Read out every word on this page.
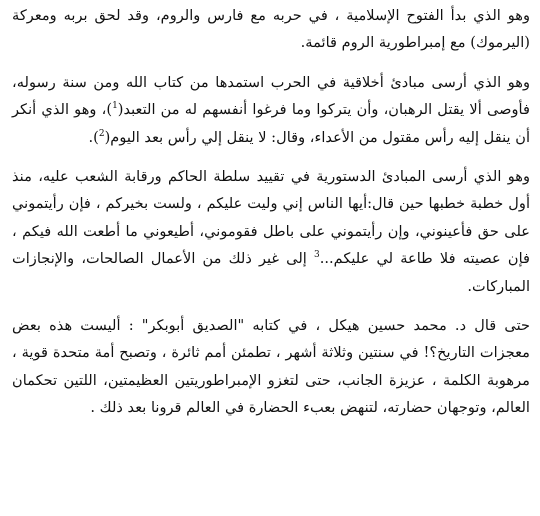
وهو الذي بدأ الفتوح الإسلامية ، في حربه مع فارس والروم، وقد لحق بربه ومعركة (اليرموك) مع إمبراطورية الروم قائمة.

وهو الذي أرسى مبادئ أخلاقية في الحرب استمدها من كتاب الله ومن سنة رسوله، فأوصى ألا يقتل الرهبان، وأن يتركوا وما فرغوا أنفسهم له من التعبد($^1$)، وهو الذي أنكر أن ينقل إليه رأس مقتول من الأعداء، وقال: لا ينقل إلي رأس بعد اليوم($^2$).

وهو الذي أرسى المبادئ الدستورية في تقييد سلطة الحاكم ورقابة الشعب عليه، منذ أول خطبة خطبها حين قال:أيها الناس إني وليت عليكم ، ولست بخيركم ، فإن رأيتموني على حق فأعينوني، وإن رأيتموني على باطل فقوموني، أطيعوني ما أطعت الله فيكم ، فإن عصيته فلا طاعة لي عليكم...$^3$ إلى غير ذلك من الأعمال الصالحات، والإنجازات المباركات.

حتى قال د. محمد حسين هيكل ، في كتابه "الصديق أبوبكر" : أليست هذه بعض معجزات التاريخ؟! في سنتين وثلاثة أشهر ، تطمئن أمم ثائرة ، وتصبح أمة متحدة قوية ، مرهوبة الكلمة ، عزيزة الجانب، حتى لتغزو الإمبراطوريتين العظيمتين، اللتين تحكمان العالم، وتوجهان حضارته، لتنهض بعبء الحضارة في العالم قرونا بعد ذلك .
